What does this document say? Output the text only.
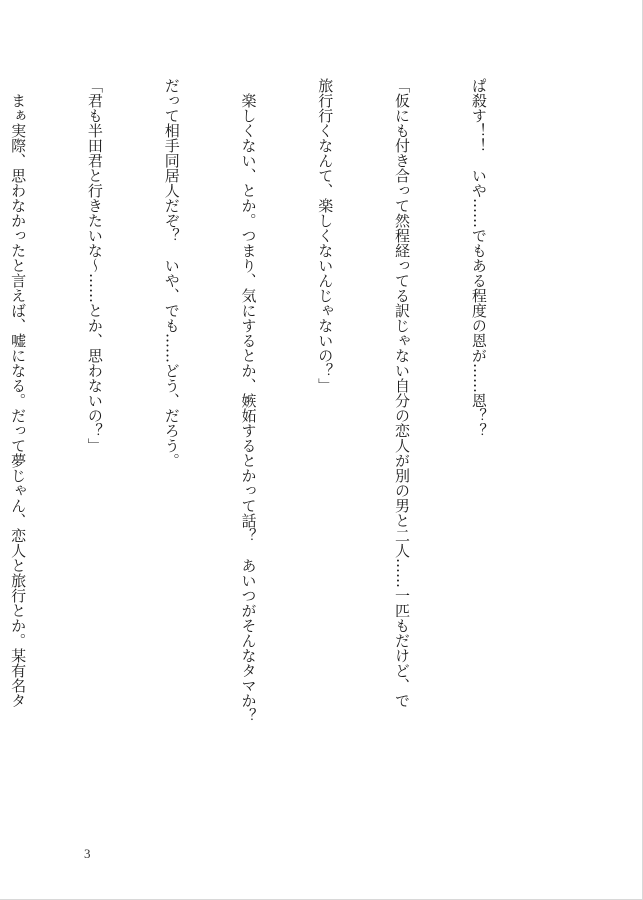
ぱ殺す！！　いや……でもある程度の恩が……恩？？

「仮にも付き合って然程経ってる訳じゃない自分の恋人が別の男と二人……一匹もだけど、で

旅行行くなんて、楽しくないんじゃないの？」

　楽しくない、とか。つまり、気にするとか、嫉妬するとかって話？　あいつがそんなタマか？

だって相手同居人だぞ？　いや、でも……どう、だろう。

「君も半田君と行きたいな～……とか、思わないの？」

　まぁ実際、思わなかったと言えば、嘘になる。だって夢じゃん、恋人と旅行とか。某有名タ

3
